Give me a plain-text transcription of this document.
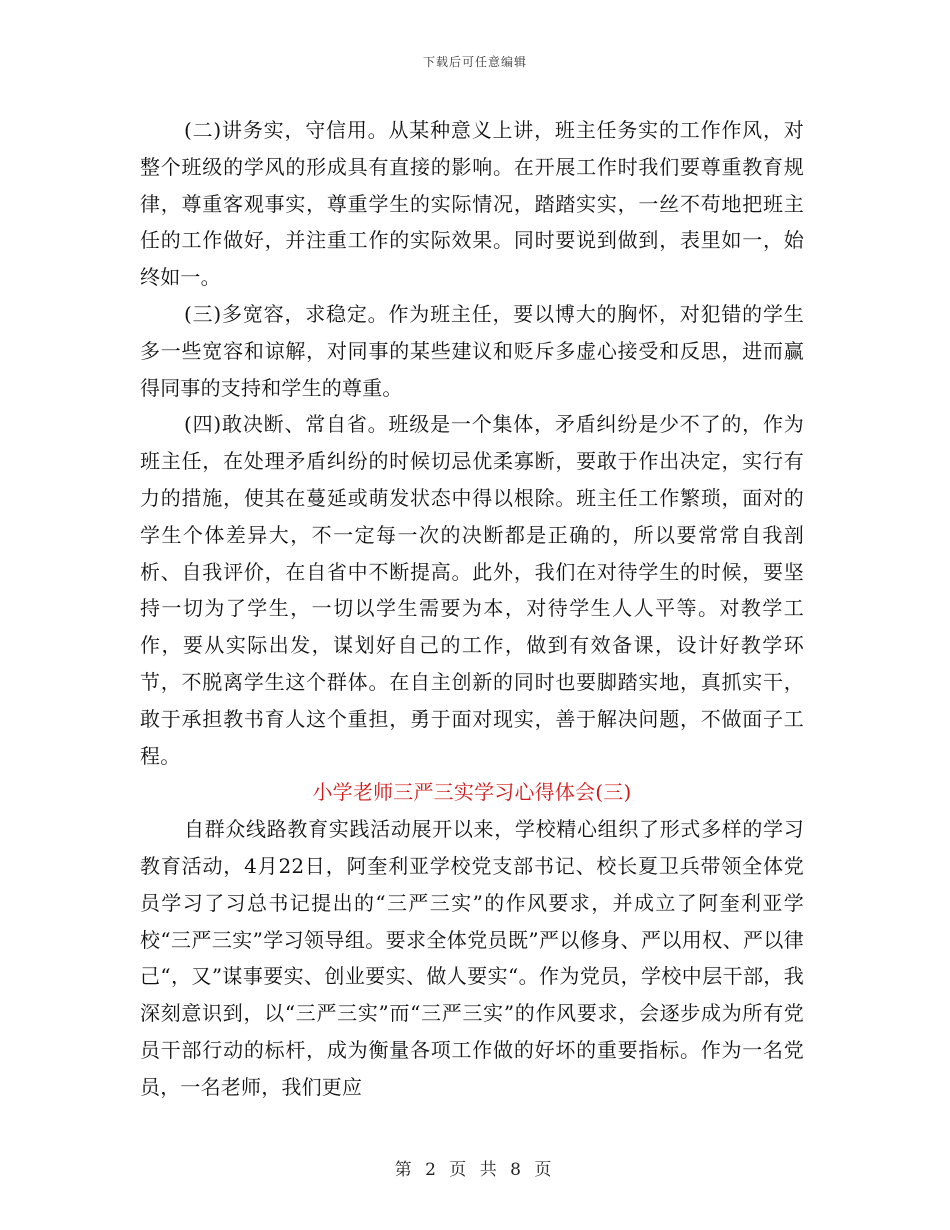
下载后可任意编辑

(二)讲务实，守信用。从某种意义上讲，班主任务实的工作作风，对整个班级的学风的形成具有直接的影响。在开展工作时我们要尊重教育规律，尊重客观事实，尊重学生的实际情况，踏踏实实，一丝不苟地把班主任的工作做好，并注重工作的实际效果。同时要说到做到，表里如一，始终如一。

(三)多宽容，求稳定。作为班主任，要以博大的胸怀，对犯错的学生多一些宽容和谅解，对同事的某些建议和贬斥多虚心接受和反思，进而赢得同事的支持和学生的尊重。

(四)敢决断、常自省。班级是一个集体，矛盾纠纷是少不了的，作为班主任，在处理矛盾纠纷的时候切忌优柔寡断，要敢于作出决定，实行有力的措施，使其在蔓延或萌发状态中得以根除。班主任工作繁琐，面对的学生个体差异大，不一定每一次的决断都是正确的，所以要常常自我剖析、自我评价，在自省中不断提高。此外，我们在对待学生的时候，要坚持一切为了学生，一切以学生需要为本，对待学生人人平等。对教学工作，要从实际出发，谋划好自己的工作，做到有效备课，设计好教学环节，不脱离学生这个群体。在自主创新的同时也要脚踏实地，真抓实干，敢于承担教书育人这个重担，勇于面对现实，善于解决问题，不做面子工程。

小学老师三严三实学习心得体会(三)

自群众线路教育实践活动展开以来，学校精心组织了形式多样的学习教育活动，4月22日，阿奎利亚学校党支部书记、校长夏卫兵带领全体党员学习了习总书记提出的“三严三实”的作风要求，并成立了阿奎利亚学校“三严三实”学习领导组。要求全体党员既”严以修身、严以用权、严以律己“，又”谋事要实、创业要实、做人要实“。作为党员，学校中层干部，我深刻意识到，以“三严三实”而“三严三实”的作风要求，会逐步成为所有党员干部行动的标杆，成为衡量各项工作做的好坏的重要指标。作为一名党员，一名老师，我们更应

第 2 页 共 8 页
